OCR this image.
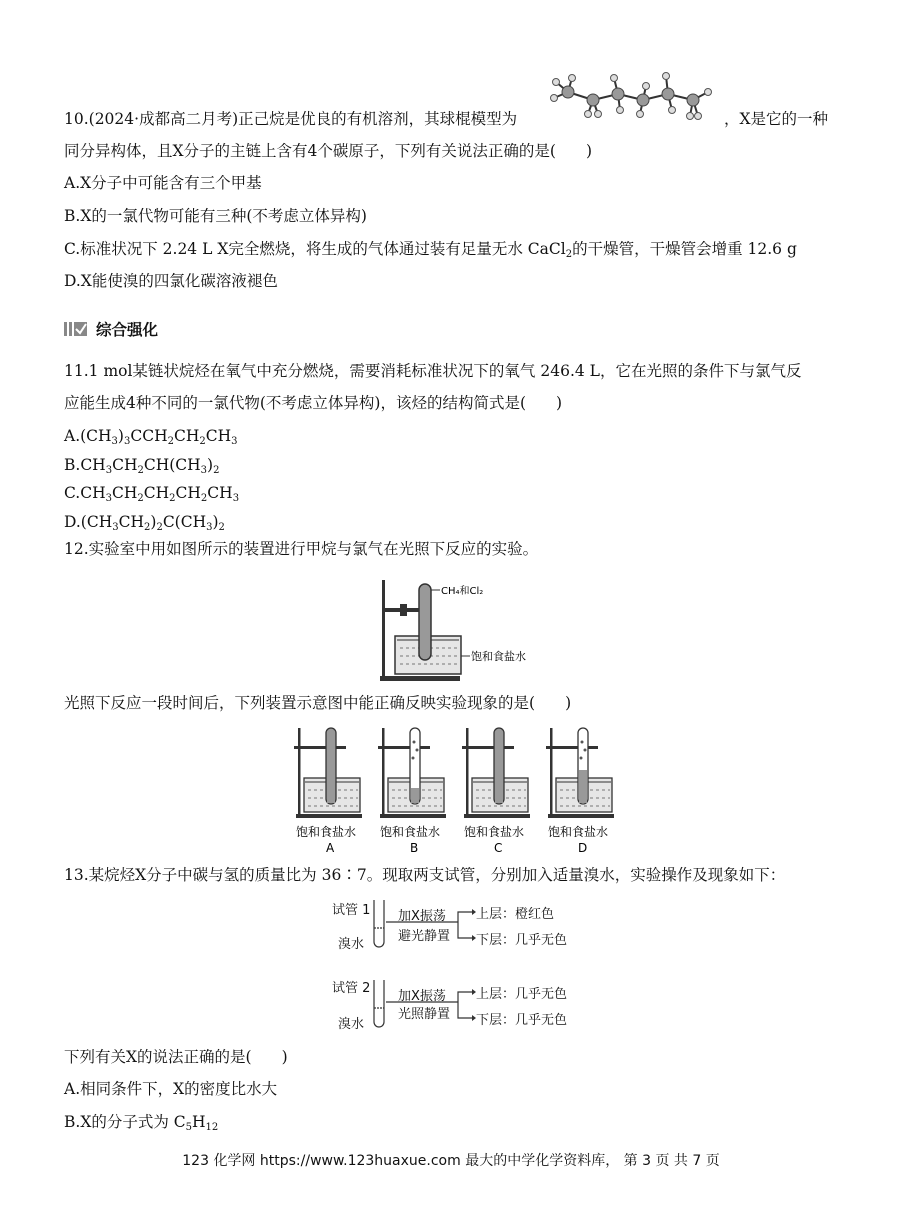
10.(2024·成都高二月考)正己烷是优良的有机溶剂，其球棍模型为	，X是它的一种
同分异构体，且X分子的主链上含有4个碳原子，下列有关说法正确的是( )
A.X分子中可能含有三个甲基
B.X的一氯代物可能有三种(不考虑立体异构)
C.标准状况下 2.24 L X完全燃烧，将生成的气体通过装有足量无水 CaCl$_2$的干燥管，干燥管会增重 12.6 g
D.X能使溴的四氯化碳溶液褪色
综合强化
11.1 mol某链状烷烃在氧气中充分燃烧，需要消耗标准状况下的氧气 246.4 L，它在光照的条件下与氯气反
应能生成4种不同的一氯代物(不考虑立体异构)，该烃的结构简式是( )
$A.(CH_3)_3CCH_2CH_2CH_3$
$B.CH_3CH_2CH(CH_3)_2$
$C.CH_3CH_2CH_2CH_2CH_3$
$D.(CH_3CH_2)_2C(CH_3)_2$
12.实验室中用如图所示的装置进行甲烷与氯气在光照下反应的实验。
CH₄和Cl₂
饱和食盐水
光照下反应一段时间后，下列装置示意图中能正确反映实验现象的是( )
饱和食盐水
A
饱和食盐水
B
饱和食盐水
C
饱和食盐水
D
13.某烷烃X分子中碳与氢的质量比为 36∶7。现取两支试管，分别加入适量溴水，实验操作及现象如下：
试管 1
溴水
加X振荡
避光静置
上层：橙红色
下层：几乎无色
试管 2
溴水
加X振荡
光照静置
上层：几乎无色
下层：几乎无色
下列有关X的说法正确的是( )
A.相同条件下，X的密度比水大
B.X的分子式为 $C_5H_{12}$
123 化学网 https://www.123huaxue.com 最大的中学化学资料库， 第 3 页 共 7 页
